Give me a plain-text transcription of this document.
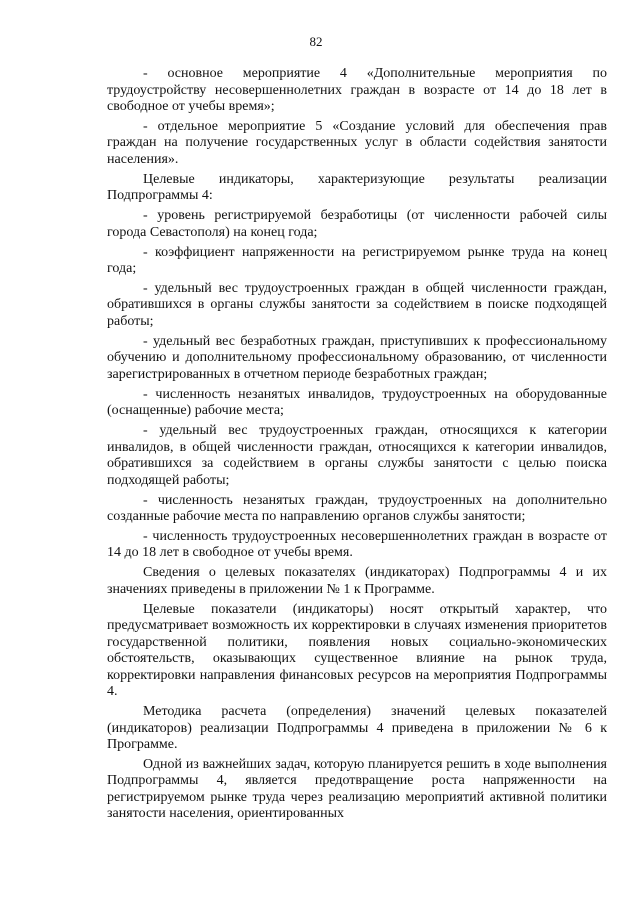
82

- основное мероприятие 4 «Дополнительные мероприятия по трудоустройству несовершеннолетних граждан в возрасте от 14 до 18 лет в свободное от учебы время»;

- отдельное мероприятие 5 «Создание условий для обеспечения прав граждан на получение государственных услуг в области содействия занятости населения».

Целевые индикаторы, характеризующие результаты реализации Подпрограммы 4:

- уровень регистрируемой безработицы (от численности рабочей силы города Севастополя) на конец года;

- коэффициент напряженности на регистрируемом рынке труда на конец года;

- удельный вес трудоустроенных граждан в общей численности граждан, обратившихся в органы службы занятости за содействием в поиске подходящей работы;

- удельный вес безработных граждан, приступивших к профессиональному обучению и дополнительному профессиональному образованию, от численности зарегистрированных в отчетном периоде безработных граждан;

- численность незанятых инвалидов, трудоустроенных на оборудованные (оснащенные) рабочие места;

- удельный вес трудоустроенных граждан, относящихся к категории инвалидов, в общей численности граждан, относящихся к категории инвалидов, обратившихся за содействием в органы службы занятости с целью поиска подходящей работы;

- численность незанятых граждан, трудоустроенных на дополнительно созданные рабочие места по направлению органов службы занятости;

- численность трудоустроенных несовершеннолетних граждан в возрасте от 14 до 18 лет в свободное от учебы время.

Сведения о целевых показателях (индикаторах) Подпрограммы 4 и их значениях приведены в приложении № 1 к Программе.

Целевые показатели (индикаторы) носят открытый характер, что предусматривает возможность их корректировки в случаях изменения приоритетов государственной политики, появления новых социально-экономических обстоятельств, оказывающих существенное влияние на рынок труда, корректировки направления финансовых ресурсов на мероприятия Подпрограммы 4.

Методика расчета (определения) значений целевых показателей (индикаторов) реализации Подпрограммы 4 приведена в приложении № 6 к Программе.

Одной из важнейших задач, которую планируется решить в ходе выполнения Подпрограммы 4, является предотвращение роста напряженности на регистрируемом рынке труда через реализацию мероприятий активной политики занятости населения, ориентированных
